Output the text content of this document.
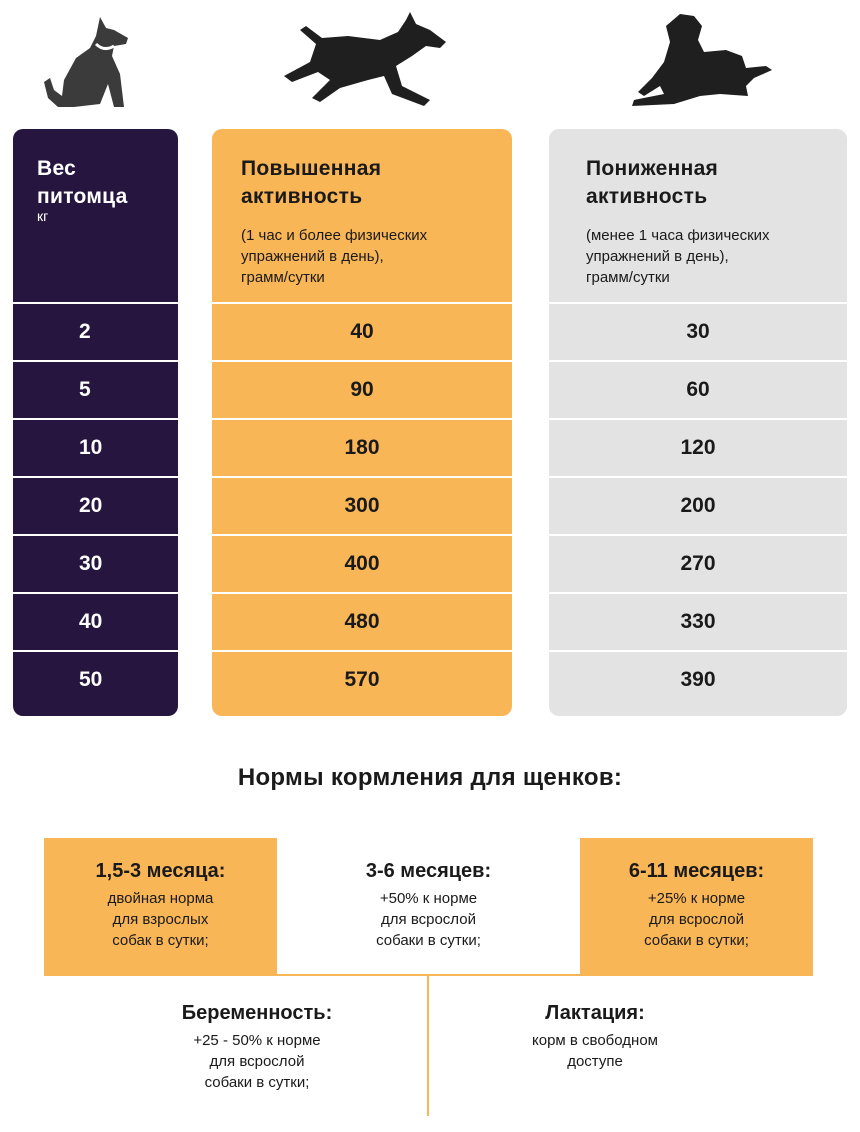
Вес
питомца
кг
2
5
10
20
30
40
50
Повышенная
активность
(1 час и более физических
упражнений в день),
грамм/сутки
40
90
180
300
400
480
570
Пониженная
активность
(менее 1 часа физических
упражнений в день),
грамм/сутки
30
60
120
200
270
330
390
Нормы кормления для щенков:
1,5-3 месяца:
двойная норма
для взрослых
собак в сутки;
3-6 месяцев:
+50% к норме
для всрослой
собаки в сутки;
6-11 месяцев:
+25% к норме
для всрослой
собаки в сутки;
Беременность:
+25 - 50% к норме
для всрослой
собаки в сутки;
Лактация:
корм в свободном
доступе
